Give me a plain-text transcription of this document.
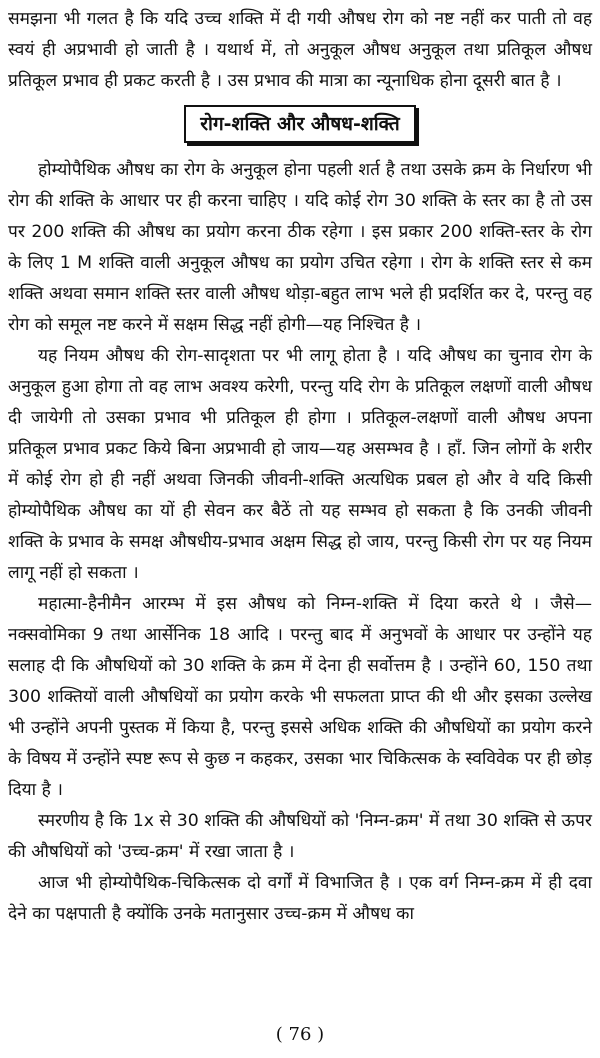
समझना भी गलत है कि यदि उच्च शक्ति में दी गयी औषध रोग को नष्ट नहीं कर पाती तो वह स्वयं ही अप्रभावी हो जाती है । यथार्थ में, तो अनुकूल औषध अनुकूल तथा प्रतिकूल औषध प्रतिकूल प्रभाव ही प्रकट करती है । उस प्रभाव की मात्रा का न्यूनाधिक होना दूसरी बात है ।

रोग-शक्ति और औषध-शक्ति

होम्योपैथिक औषध का रोग के अनुकूल होना पहली शर्त है तथा उसके क्रम के निर्धारण भी रोग की शक्ति के आधार पर ही करना चाहिए । यदि कोई रोग 30 शक्ति के स्तर का है तो उस पर 200 शक्ति की औषध का प्रयोग करना ठीक रहेगा । इस प्रकार 200 शक्ति-स्तर के रोग के लिए 1 M शक्ति वाली अनुकूल औषध का प्रयोग उचित रहेगा । रोग के शक्ति स्तर से कम शक्ति अथवा समान शक्ति स्तर वाली औषध थोड़ा-बहुत लाभ भले ही प्रदर्शित कर दे, परन्तु वह रोग को समूल नष्ट करने में सक्षम सिद्ध नहीं होगी—यह निश्चित है ।

यह नियम औषध की रोग-सादृशता पर भी लागू होता है । यदि औषध का चुनाव रोग के अनुकूल हुआ होगा तो वह लाभ अवश्य करेगी, परन्तु यदि रोग के प्रतिकूल लक्षणों वाली औषध दी जायेगी तो उसका प्रभाव भी प्रतिकूल ही होगा । प्रतिकूल-लक्षणों वाली औषध अपना प्रतिकूल प्रभाव प्रकट किये बिना अप्रभावी हो जाय—यह असम्भव है । हाँ. जिन लोगों के शरीर में कोई रोग हो ही नहीं अथवा जिनकी जीवनी-शक्ति अत्यधिक प्रबल हो और वे यदि किसी होम्योपैथिक औषध का यों ही सेवन कर बैठें तो यह सम्भव हो सकता है कि उनकी जीवनी शक्ति के प्रभाव के समक्ष औषधीय-प्रभाव अक्षम सिद्ध हो जाय, परन्तु किसी रोग पर यह नियम लागू नहीं हो सकता ।

महात्मा-हैनीमैन आरम्भ में इस औषध को निम्न-शक्ति में दिया करते थे । जैसे—नक्सवोमिका 9 तथा आर्सेनिक 18 आदि । परन्तु बाद में अनुभवों के आधार पर उन्होंने यह सलाह दी कि औषधियों को 30 शक्ति के क्रम में देना ही सर्वोत्तम है । उन्होंने 60, 150 तथा 300 शक्तियों वाली औषधियों का प्रयोग करके भी सफलता प्राप्त की थी और इसका उल्लेख भी उन्होंने अपनी पुस्तक में किया है, परन्तु इससे अधिक शक्ति की औषधियों का प्रयोग करने के विषय में उन्होंने स्पष्ट रूप से कुछ न कहकर, उसका भार चिकित्सक के स्वविवेक पर ही छोड़ दिया है ।

स्मरणीय है कि 1x से 30 शक्ति की औषधियों को 'निम्न-क्रम' में तथा 30 शक्ति से ऊपर की औषधियों को 'उच्च-क्रम' में रखा जाता है ।

आज भी होम्योपैथिक-चिकित्सक दो वर्गों में विभाजित है । एक वर्ग निम्न-क्रम में ही दवा देने का पक्षपाती है क्योंकि उनके मतानुसार उच्च-क्रम में औषध का

( 76 )
